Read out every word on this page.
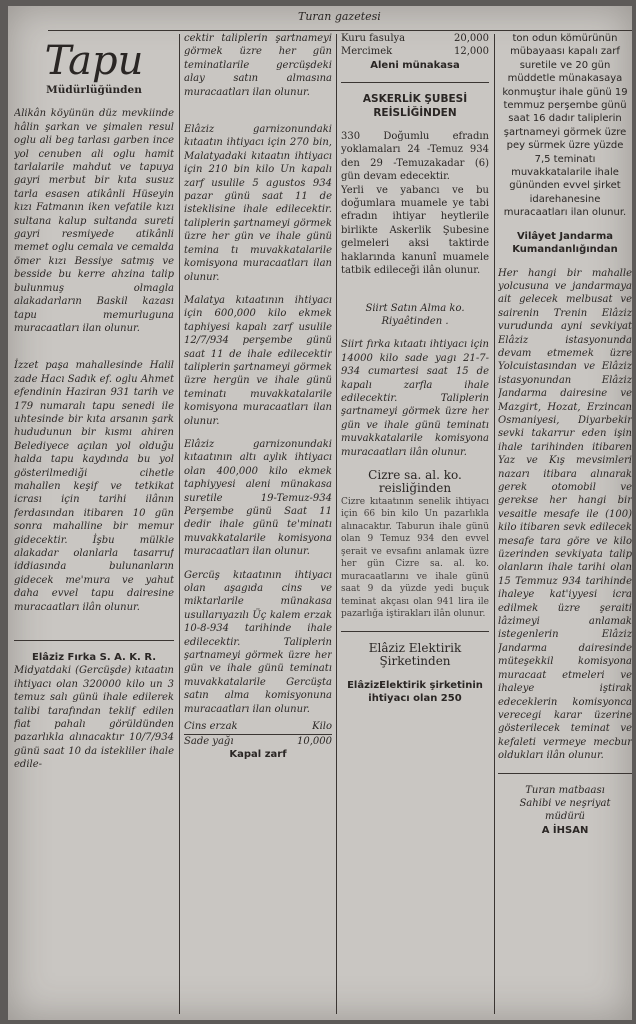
Turan gazetesi
Tapu
Müdürlüğünden

Alikân köyünün düz mevkiinde hâlin şarkan ve şimalen resul oglu ali beg tarlası garben ince yol cenuben ali oglu hamit tarlalarile mahdut ve tapuya gayri merbut bir kıta susuz tarla esasen atikânli Hüseyin kızı Fatmanın iken vefatile kızı sultana kalup sultanda sureti gayri resmiyede atikânli memet oglu cemala ve cemalda ömer kızı Bessiye satmış ve besside bu kerre ahzina talip bulunmuş olmagla alakadarların Baskil kazası tapu memurluguna muracaatları ilan olunur.

İzzet paşa mahallesinde Halil zade Hacı Sadık ef. oglu Ahmet efendinin Haziran 931 tarih ve 179 numaralı tapu senedi ile uhtesinde bir kıta arsanın şark hududunun bir kısmı ahiren Belediyece açılan yol olduğu halda tapu kaydında bu yol gösterilmediği cihetle mahallen keşif ve tetkikat icrası için tarihi ilânın ferdasından itibaren 10 gün sonra mahalline bir memur gidecektir. İşbu mülkle alakadar olanlarla tasarruf iddiasında bulunanların gidecek me'mura ve yahut daha evvel tapu dairesine muracaatları ilân olunur.

Elâziz Fırka S. A. K. R.

Midyatdaki (Gercüşde) kıtaatın ihtiyacı olan 320000 kilo un 3 temuz salı günü ihale edilerek talibi tarafından teklif edilen fiat pahalı görüldünden pazarlıkla alınacaktır 10/7/934 günü saat 10 da istekliler ihale edile-

cektir taliplerin şartnameyi görmek üzre her gün teminatlarile gercüşdeki alay satın almasına muracaatları ilan olunur.

Elâziz garnizonundaki kıtaatın ihtiyacı için 270 bin, Malatyadaki kıtaatın ihtiyacı için 210 bin kilo Un kapalı zarf usulile 5 agustos 934 pazar günü saat 11 de isteklisine ihale edilecektir. taliplerin şartnameyi görmek üzre her gün ve ihale günü temina tı muvakkatalarile komisyona muracaatları ilan olunur.

Malatya kıtaatının ihtiyacı için 600,000 kilo ekmek taphiyesi kapalı zarf usulile 12/7/934 perşembe günü saat 11 de ihale edilecektir taliplerin şartnameyi görmek üzre hergün ve ihale günü teminatı muvakkatalarile komisyona muracaatları ilan olunur.

Elâziz garnizonundaki kıtaatının altı aylık ihtiyacı olan 400,000 kilo ekmek taphiyyesi aleni münakasa suretile 19-Temuz-934 Perşembe günü Saat 11 dedir ihale günü te'minatı muvakkatalarile komisyona muracaatları ilan olunur.

Gercüş kıtaatının ihtiyacı olan aşagıda cins ve miktarlarile münakasa usullarıyazılı Üç kalem erzak 10-8-934 tarihinde ihale edilecektir. Taliplerin şartnameyi görmek üzre her gün ve ihale günü teminatı muvakkatalarile Gercüşta satın alma komisyonuna muracaatları ilan olunur.

Cins erzak	Kilo
Sade yağı	10,000
Kapal zarf
Kuru fasulya	20,000
Mercimek	12,000
Aleni münakasa
ASKERLİK ŞUBESİ
REİSLİĞİNDEN

330 Doğumlu efradın yoklamaları 24 -Temuz 934 den 29 -Temuzakadar (6) gün devam edecektir.

Yerli ve yabancı ve bu doğumlara muamele ye tabi efradın ihtiyar heytlerile birlikte Askerlik Şubesine gelmeleri aksi taktirde haklarında kanunî muamele tatbik edileceği ilân olunur.

Siirt Satın Alma ko. Riyaêtinden .

Siirt fırka kıtaatı ihtiyacı için 14000 kilo sade yagı 21-7-934 cumartesi saat 15 de kapalı zarfla ihale edilecektir. Taliplerin şartnameyi görmek üzre her gün ve ihale günü teminatı muvakkatalarile komisyona muracaatları ilân olunur.

Cizre sa. al. ko.
reisliğinden

Cizre kıtaatının senelik ihtiyacı için 66 bin kilo Un pazarlıkla alınacaktır. Taburun ihale günü olan 9 Temuz 934 den evvel şerait ve evsafını anlamak üzre her gün Cizre sa. al. ko. muracaatlarını ve ihale günü saat 9 da yüzde yedi buçuk teminat akçası olan 941 lira ile pazarlığa iştirakları ilân olunur.

Elâziz Elektirik
Şirketinden

ElâzizElektirik şirketinin ihtiyacı olan 250

ton odun kömürünün mübayaası kapalı zarf suretile ve 20 gün müddetle münakasaya konmuştur ihale günü 19 temmuz perşembe günü saat 16 dadır taliplerin şartnameyi görmek üzre pey sürmek üzre yüzde 7,5 teminatı muvakkatalarile ihale gününden evvel şirket idarehanesine muracaatları ilan olunur.

Vilâyet Jandarma
Kumandanlığından

Her hangi bir mahalle yolcusuna ve jandarmaya ait gelecek melbusat ve sairenin Trenin Elâziz vurudunda ayni sevkiyat Elâziz istasyonunda devam etmemek üzre Yolcuistasından ve Elâziz istasyonundan Elâziz Jandarma dairesine ve Mazgirt, Hozat, Erzincan Osmaniyesi, Diyarbekir sevki takarrur eden işin ihale tarihinden itibaren Yaz ve Kış mevsimleri nazarı itibara alınarak gerek otomobil ve gerekse her hangi bir vesaitle mesafe ile (100) kilo itibaren sevk edilecek mesafe tara göre ve kilo üzerinden sevkiyata talip olanların ihale tarihi olan 15 Temmuz 934 tarihinde ihaleye kat'iyyesi icra edilmek üzre şeraiti lâzimeyi anlamak istegenlerin Elâziz Jandarma dairesinde müteşekkil komisyona muracaat etmeleri ve ihaleye iştirak edeceklerin komisyonca verecegi karar üzerine gösterilecek teminat ve kefaleti vermeye mecbur oldukları ilân olunur.

Turan matbaası

Sahibi ve neşriyat müdürü

A İHSAN
